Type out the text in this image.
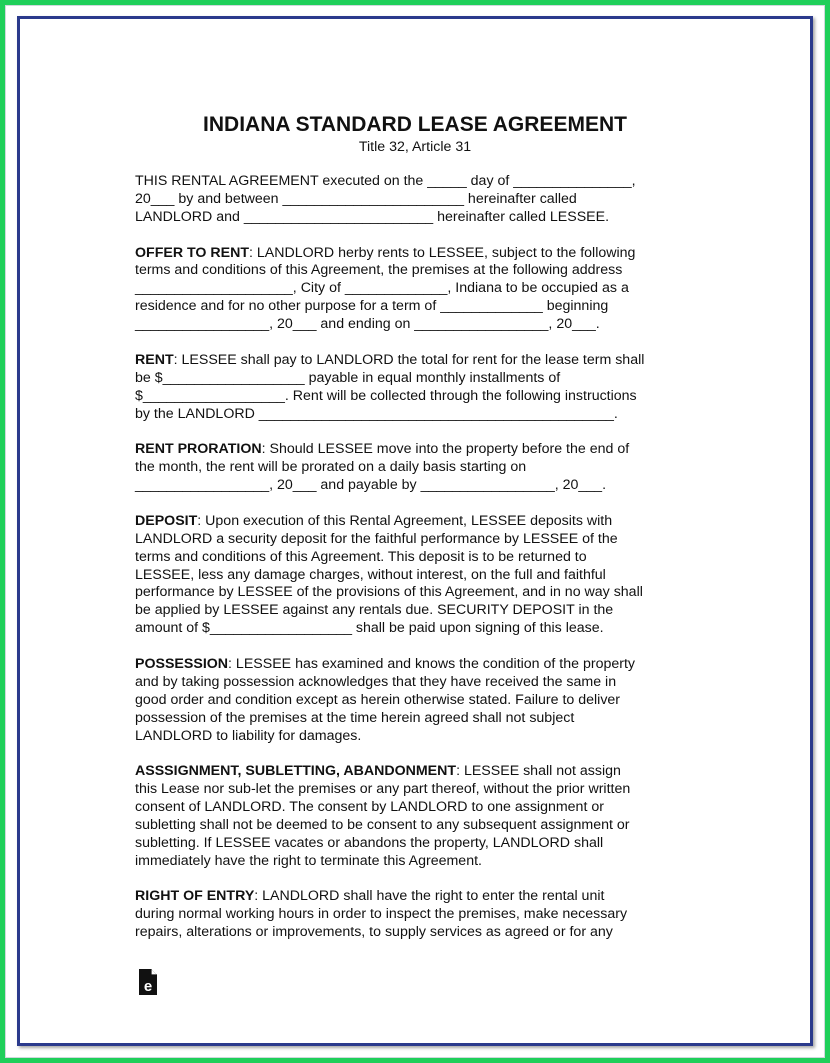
INDIANA STANDARD LEASE AGREEMENT
Title 32, Article 31
THIS RENTAL AGREEMENT executed on the _____ day of _______________,
20___ by and between _______________________ hereinafter called
LANDLORD and ________________________ hereinafter called LESSEE.
OFFER TO RENT: LANDLORD herby rents to LESSEE, subject to the following
terms and conditions of this Agreement, the premises at the following address
____________________, City of _____________, Indiana to be occupied as a
residence and for no other purpose for a term of _____________ beginning
_________________, 20___ and ending on _________________, 20___.
RENT: LESSEE shall pay to LANDLORD the total for rent for the lease term shall
be $__________________ payable in equal monthly installments of
$__________________. Rent will be collected through the following instructions
by the LANDLORD _____________________________________________.
RENT PRORATION: Should LESSEE move into the property before the end of
the month, the rent will be prorated on a daily basis starting on
_________________, 20___ and payable by _________________, 20___.
DEPOSIT: Upon execution of this Rental Agreement, LESSEE deposits with
LANDLORD a security deposit for the faithful performance by LESSEE of the
terms and conditions of this Agreement. This deposit is to be returned to
LESSEE, less any damage charges, without interest, on the full and faithful
performance by LESSEE of the provisions of this Agreement, and in no way shall
be applied by LESSEE against any rentals due. SECURITY DEPOSIT in the
amount of $__________________ shall be paid upon signing of this lease.
POSSESSION: LESSEE has examined and knows the condition of the property
and by taking possession acknowledges that they have received the same in
good order and condition except as herein otherwise stated. Failure to deliver
possession of the premises at the time herein agreed shall not subject
LANDLORD to liability for damages.
ASSSIGNMENT, SUBLETTING, ABANDONMENT: LESSEE shall not assign
this Lease nor sub-let the premises or any part thereof, without the prior written
consent of LANDLORD. The consent by LANDLORD to one assignment or
subletting shall not be deemed to be consent to any subsequent assignment or
subletting. If LESSEE vacates or abandons the property, LANDLORD shall
immediately have the right to terminate this Agreement.
RIGHT OF ENTRY: LANDLORD shall have the right to enter the rental unit
during normal working hours in order to inspect the premises, make necessary
repairs, alterations or improvements, to supply services as agreed or for any
e
